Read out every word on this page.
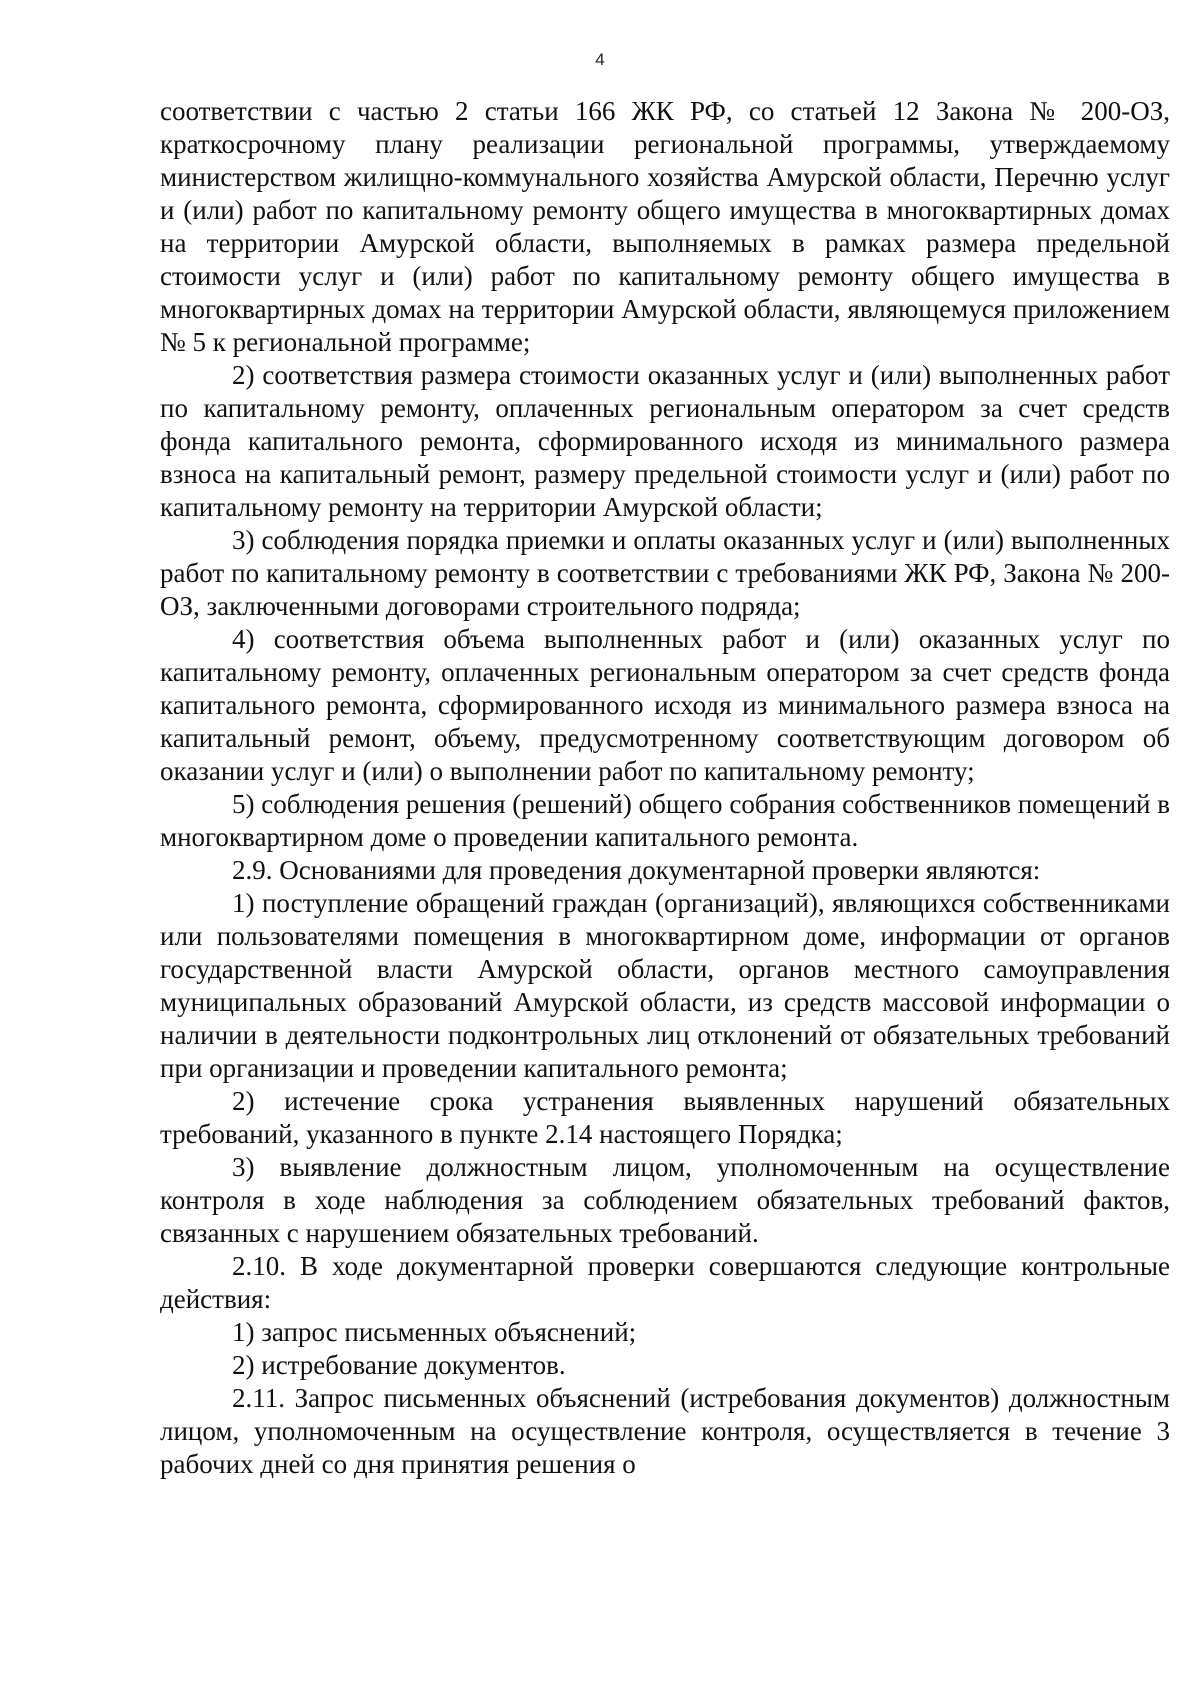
4

соответствии с частью 2 статьи 166 ЖК РФ, со статьей 12 Закона № 200-ОЗ, краткосрочному плану реализации региональной программы, утверждаемому министерством жилищно-коммунального хозяйства Амурской области, Перечню услуг и (или) работ по капитальному ремонту общего имущества в многоквартирных домах на территории Амурской области, выполняемых в рамках размера предельной стоимости услуг и (или) работ по капитальному ремонту общего имущества в многоквартирных домах на территории Амурской области, являющемуся приложением № 5 к региональной программе;

2) соответствия размера стоимости оказанных услуг и (или) выполненных работ по капитальному ремонту, оплаченных региональным оператором за счет средств фонда капитального ремонта, сформированного исходя из минимального размера взноса на капитальный ремонт, размеру предельной стоимости услуг и (или) работ по капитальному ремонту на территории Амурской области;

3) соблюдения порядка приемки и оплаты оказанных услуг и (или) выполненных работ по капитальному ремонту в соответствии с требованиями ЖК РФ, Закона № 200-ОЗ, заключенными договорами строительного подряда;

4) соответствия объема выполненных работ и (или) оказанных услуг по капитальному ремонту, оплаченных региональным оператором за счет средств фонда капитального ремонта, сформированного исходя из минимального размера взноса на капитальный ремонт, объему, предусмотренному соответствующим договором об оказании услуг и (или) о выполнении работ по капитальному ремонту;

5) соблюдения решения (решений) общего собрания собственников помещений в многоквартирном доме о проведении капитального ремонта.

2.9. Основаниями для проведения документарной проверки являются:

1) поступление обращений граждан (организаций), являющихся собственниками или пользователями помещения в многоквартирном доме, информации от органов государственной власти Амурской области, органов местного самоуправления муниципальных образований Амурской области, из средств массовой информации о наличии в деятельности подконтрольных лиц отклонений от обязательных требований при организации и проведении капитального ремонта;

2) истечение срока устранения выявленных нарушений обязательных требований, указанного в пункте 2.14 настоящего Порядка;

3) выявление должностным лицом, уполномоченным на осуществление контроля в ходе наблюдения за соблюдением обязательных требований фактов, связанных с нарушением обязательных требований.

2.10. В ходе документарной проверки совершаются следующие контрольные действия:

1) запрос письменных объяснений;

2) истребование документов.

2.11. Запрос письменных объяснений (истребования документов) должностным лицом, уполномоченным на осуществление контроля, осуществляется в течение 3 рабочих дней со дня принятия решения о
